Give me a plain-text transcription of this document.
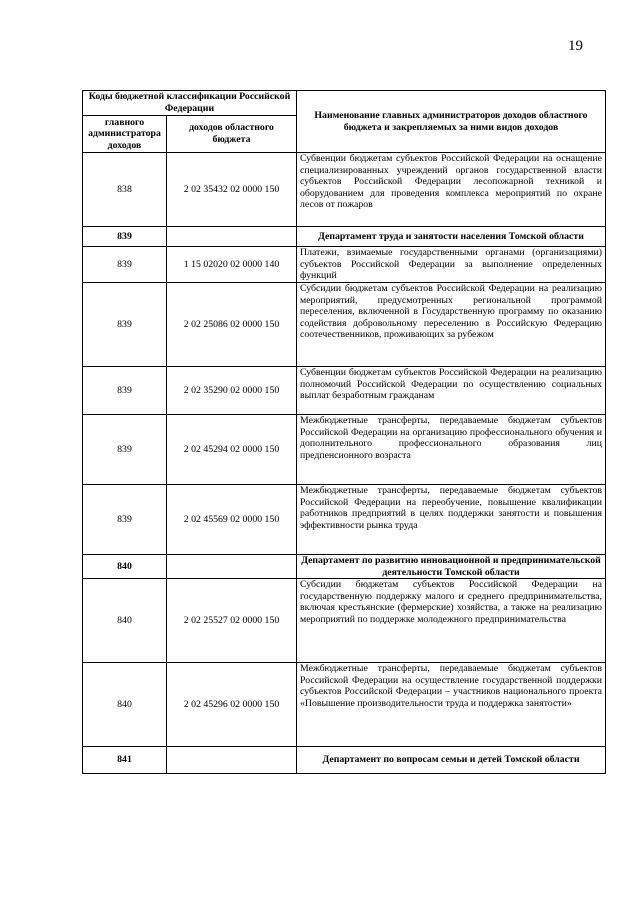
19
Коды бюджетной классификации Российской Федерации		Наименование главных администраторов доходов областного бюджета и закрепляемых за ними видов доходов
главного администратора доходов	доходов областного бюджета	
838	2 02 35432 02 0000 150	Субвенции бюджетам субъектов Российской Федерации на оснащение специализированных учреждений органов государственной власти субъектов Российской Федерации лесопожарной техникой и оборудованием для проведения комплекса мероприятий по охране лесов от пожаров
839		Департамент труда и занятости населения Томской области
839	1 15 02020 02 0000 140	Платежи, взимаемые государственными органами (организациями) субъектов Российской Федерации за выполнение определенных функций
839	2 02 25086 02 0000 150	Субсидии бюджетам субъектов Российской Федерации на реализацию мероприятий, предусмотренных региональной программой переселения, включенной в Государственную программу по оказанию содействия добровольному переселению в Российскую Федерацию соотечественников, проживающих за рубежом
839	2 02 35290 02 0000 150	Субвенции бюджетам субъектов Российской Федерации на реализацию полномочий Российской Федерации по осуществлению социальных выплат безработным гражданам
839	2 02 45294 02 0000 150	Межбюджетные трансферты, передаваемые бюджетам субъектов Российской Федерации на организацию профессионального обучения и дополнительного профессионального образования лиц предпенсионного возраста
839	2 02 45569 02 0000 150	Межбюджетные трансферты, передаваемые бюджетам субъектов Российской Федерации на переобучение, повышение квалификации работников предприятий в целях поддержки занятости и повышения эффективности рынка труда
840		Департамент по развитию инновационной и предпринимательской деятельности Томской области
840	2 02 25527 02 0000 150	Субсидии бюджетам субъектов Российской Федерации на государственную поддержку малого и среднего предпринимательства, включая крестьянские (фермерские) хозяйства, а также на реализацию мероприятий по поддержке молодежного предпринимательства
840	2 02 45296 02 0000 150	Межбюджетные трансферты, передаваемые бюджетам субъектов Российской Федерации на осуществление государственной поддержки субъектов Российской Федерации – участников национального проекта «Повышение производительности труда и поддержка занятости»
841		Департамент по вопросам семьи и детей Томской области
